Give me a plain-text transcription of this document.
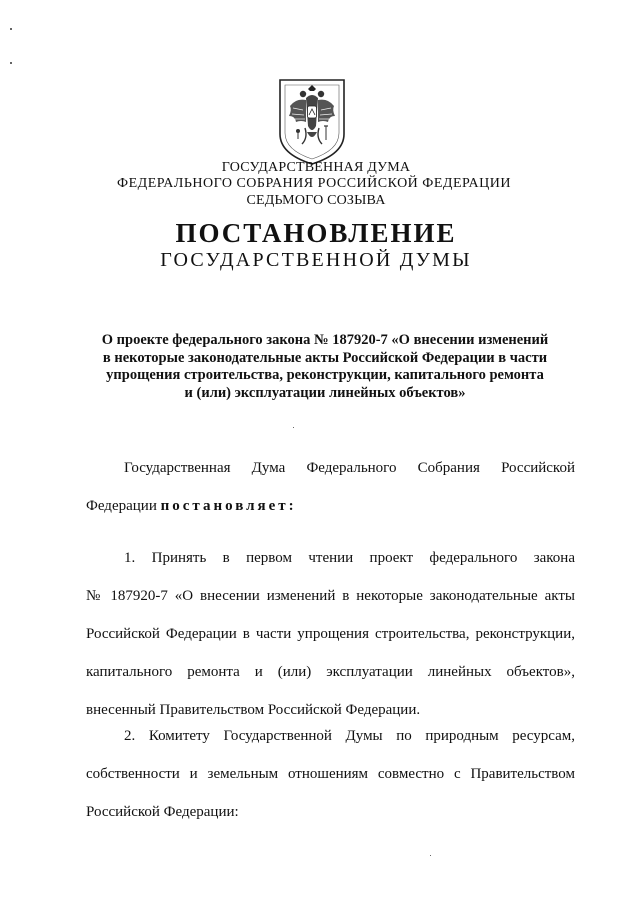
ГОСУДАРСТВЕННАЯ ДУМА
ФЕДЕРАЛЬНОГО СОБРАНИЯ РОССИЙСКОЙ ФЕДЕРАЦИИ
СЕДЬМОГО СОЗЫВА
ПОСТАНОВЛЕНИЕ
ГОСУДАРСТВЕННОЙ ДУМЫ
О проекте федерального закона № 187920-7 «О внесении изменений
в некоторые законодательные акты Российской Федерации в части
упрощения строительства, реконструкции, капитального ремонта
и (или) эксплуатации линейных объектов»
Государственная Дума Федерального Собрания Российской
Федерации постановляет:
1. Принять в первом чтении проект федерального закона
№ 187920-7 «О внесении изменений в некоторые законодательные акты
Российской Федерации в части упрощения строительства, реконструкции,
капитального ремонта и (или) эксплуатации линейных объектов»,
внесенный Правительством Российской Федерации.
2. Комитету Государственной Думы по природным ресурсам,
собственности и земельным отношениям совместно с Правительством
Российской Федерации:
